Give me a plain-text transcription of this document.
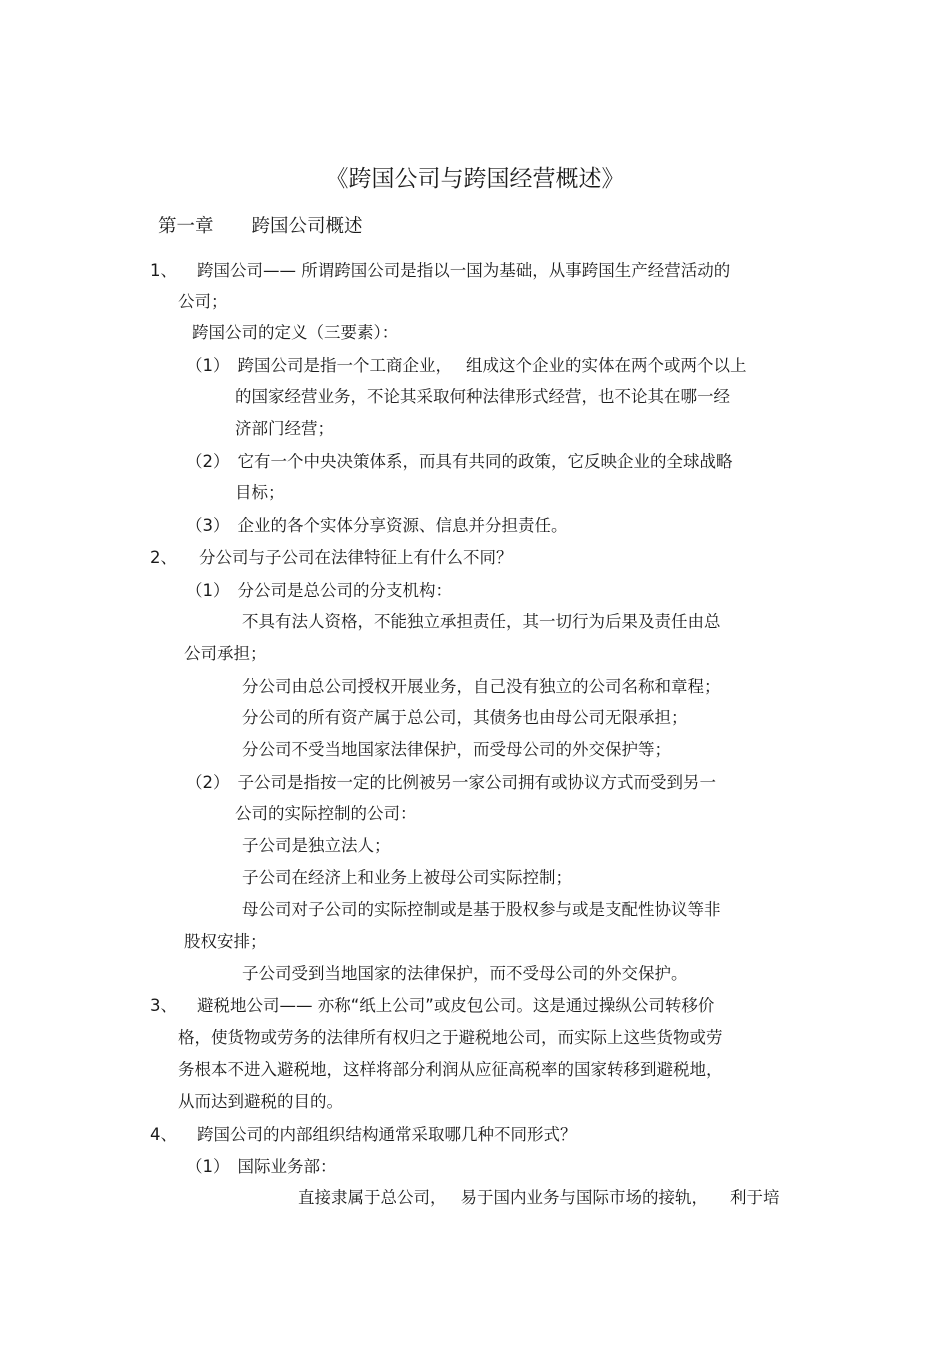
《跨国公司与跨国经营概述》
第一章 跨国公司概述
1、 跨国公司—— 所谓跨国公司是指以一国为基础，从事跨国生产经营活动的
公司；
跨国公司的定义（三要素）：
（1） 跨国公司是指一个工商企业， 组成这个企业的实体在两个或两个以上
的国家经营业务，不论其采取何种法律形式经营，也不论其在哪一经
济部门经营；
（2） 它有一个中央决策体系，而具有共同的政策，它反映企业的全球战略
目标；
（3） 企业的各个实体分享资源、信息并分担责任。
2、 分公司与子公司在法律特征上有什么不同？
（1） 分公司是总公司的分支机构：
不具有法人资格，不能独立承担责任，其一切行为后果及责任由总
公司承担；
分公司由总公司授权开展业务，自己没有独立的公司名称和章程；
分公司的所有资产属于总公司，其债务也由母公司无限承担；
分公司不受当地国家法律保护，而受母公司的外交保护等；
（2） 子公司是指按一定的比例被另一家公司拥有或协议方式而受到另一
公司的实际控制的公司：
子公司是独立法人；
子公司在经济上和业务上被母公司实际控制；
母公司对子公司的实际控制或是基于股权参与或是支配性协议等非
股权安排；
子公司受到当地国家的法律保护，而不受母公司的外交保护。
3、 避税地公司—— 亦称“纸上公司”或皮包公司。这是通过操纵公司转移价
格，使货物或劳务的法律所有权归之于避税地公司，而实际上这些货物或劳
务根本不进入避税地，这样将部分利润从应征高税率的国家转移到避税地，
从而达到避税的目的。
4、 跨国公司的内部组织结构通常采取哪几种不同形式？
（1） 国际业务部：
直接隶属于总公司， 易于国内业务与国际市场的接轨， 利于培
